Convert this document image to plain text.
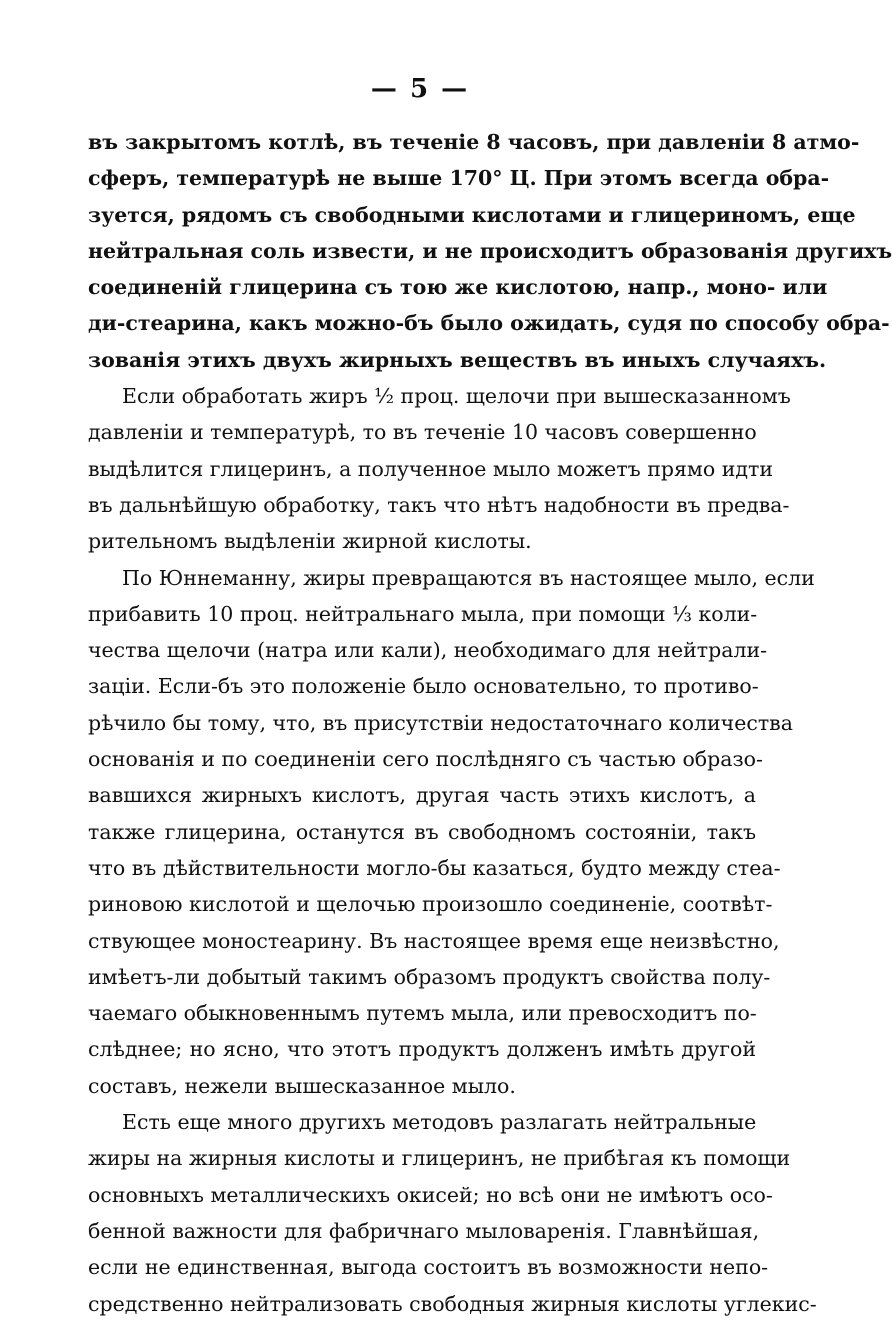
— 5 —
въ закрытомъ котлѣ, въ теченіе 8 часовъ, при давленіи 8 атмо-
сферъ, температурѣ не выше 170° Ц. При этомъ всегда обра-
зуется, рядомъ съ свободными кислотами и глицериномъ, еще
нейтральная соль извести, и не происходитъ образованія другихъ
соединеній глицерина съ тою же кислотою, напр., моно- или
ди-стеарина, какъ можно-бъ было ожидать, судя по способу обра-
зованія этихъ двухъ жирныхъ веществъ въ иныхъ случаяхъ.
Если обработать жиръ ½ проц. щелочи при вышесказанномъ
давленіи и температурѣ, то въ теченіе 10 часовъ совершенно
выдѣлится глицеринъ, а полученное мыло можетъ прямо идти
въ дальнѣйшую обработку, такъ что нѣтъ надобности въ предва-
рительномъ выдѣленіи жирной кислоты.
По Юннеманну, жиры превращаются въ настоящее мыло, если
прибавить 10 проц. нейтральнаго мыла, при помощи ⅓ коли-
чества щелочи (натра или кали), необходимаго для нейтрали-
заціи. Если-бъ это положеніе было основательно, то противо-
рѣчило бы тому, что, въ присутствіи недостаточнаго количества
основанія и по соединеніи сего послѣдняго съ частью образо-
вавшихся жирныхъ кислотъ, другая часть этихъ кислотъ, а
также глицерина, останутся въ свободномъ состояніи, такъ
что въ дѣйствительности могло-бы казаться, будто между стеа-
риновою кислотой и щелочью произошло соединеніе, соотвѣт-
ствующее моностеарину. Въ настоящее время еще неизвѣстно,
имѣетъ-ли добытый такимъ образомъ продуктъ свойства полу-
чаемаго обыкновеннымъ путемъ мыла, или превосходитъ по-
слѣднее; но ясно, что этотъ продуктъ долженъ имѣть другой
составъ, нежели вышесказанное мыло.
Есть еще много другихъ методовъ разлагать нейтральные
жиры на жирныя кислоты и глицеринъ, не прибѣгая къ помощи
основныхъ металлическихъ окисей; но всѣ они не имѣютъ осо-
бенной важности для фабричнаго мыловаренія. Главнѣйшая,
если не единственная, выгода состоитъ въ возможности непо-
средственно нейтрализовать свободныя жирныя кислоты углекис-
